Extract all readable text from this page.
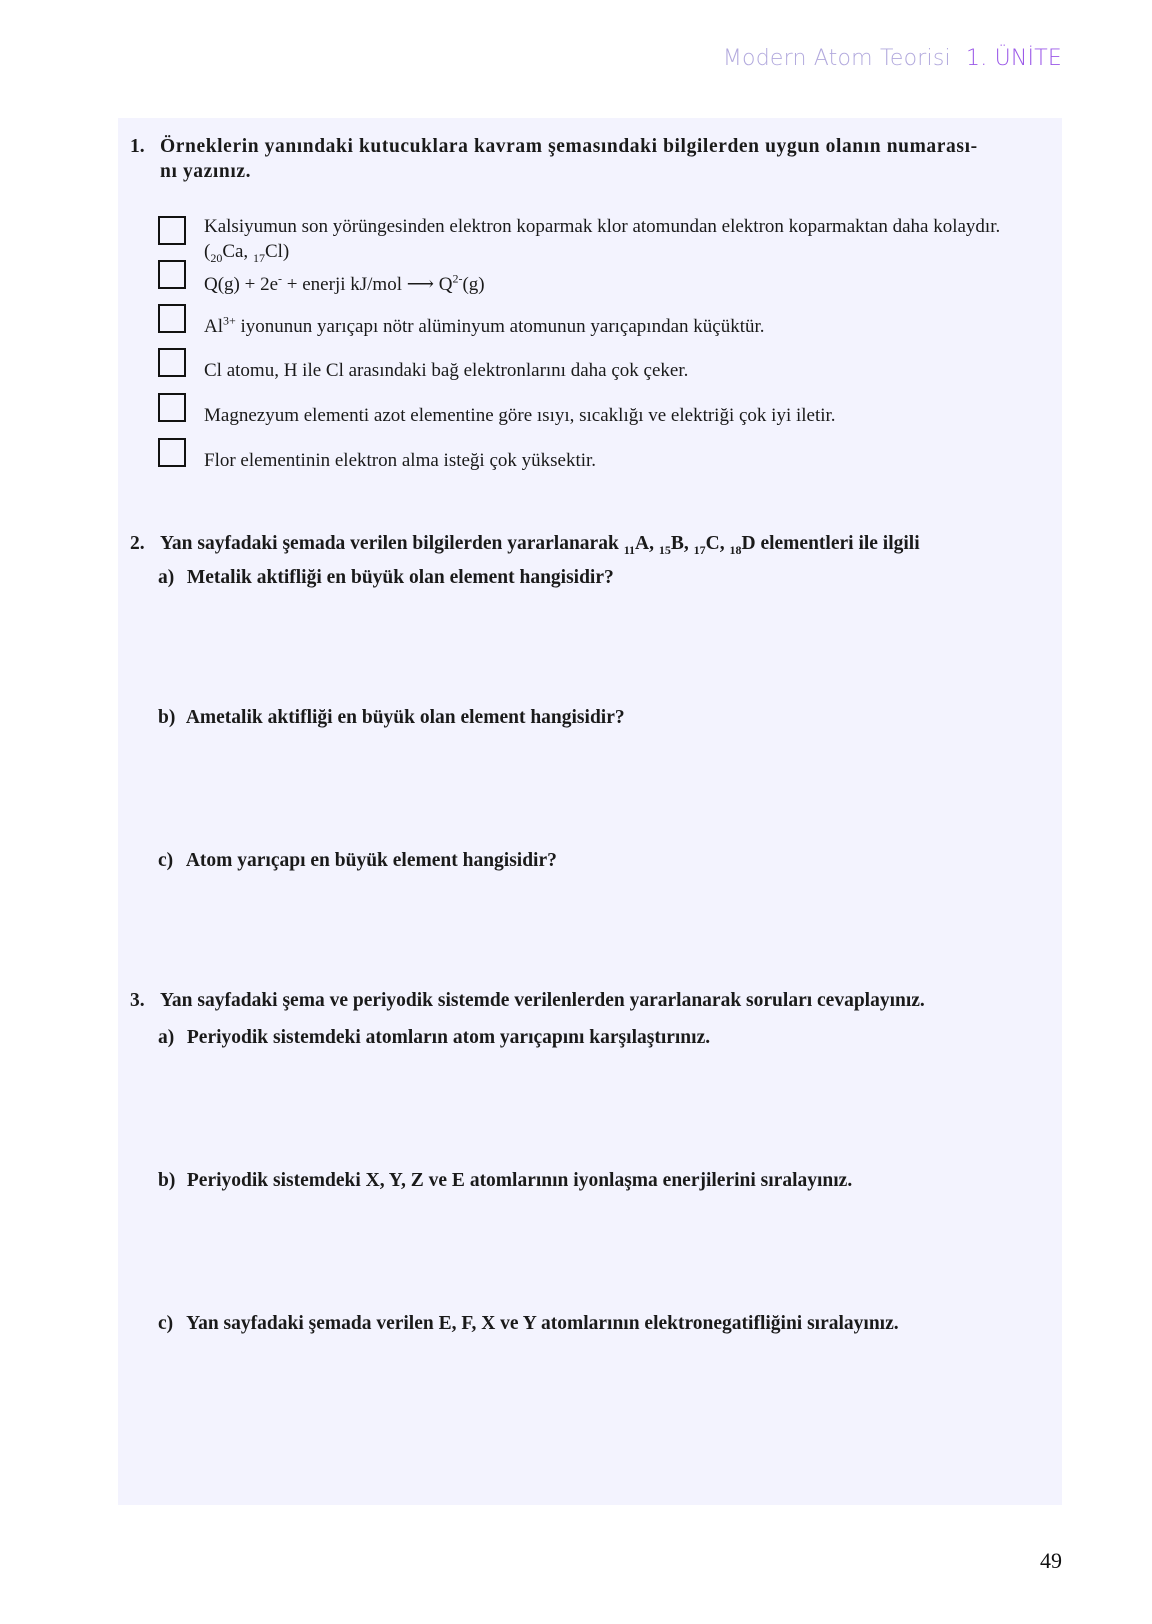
Modern Atom Teorisi 1. ÜNİTE
1. Örneklerin yanındaki kutucuklara kavram şemasındaki bilgilerden uygun olanın numarası-
nı yazınız.
Kalsiyumun son yörüngesinden elektron koparmak klor atomundan elektron koparmaktan daha kolaydır. ($_{20}Ca$, $_{17}$Cl)
Q(g) + 2e- + enerji kJ/mol ⟶ $Q^{2-}(g)$
$Al^{3+}$ iyonunun yarıçapı nötr alüminyum atomunun yarıçapından küçüktür.
Cl atomu, H ile Cl arasındaki bağ elektronlarını daha çok çeker.
Magnezyum elementi azot elementine göre ısıyı, sıcaklığı ve elektriği çok iyi iletir.
Flor elementinin elektron alma isteği çok yüksektir.
2. Yan sayfadaki şemada verilen bilgilerden yararlanarak $_{11}$A, $_{15}$B, $_{17}$C, $_{18}$D elementleri ile ilgili
a) Metalik aktifliği en büyük olan element hangisidir?
b) Ametalik aktifliği en büyük olan element hangisidir?
c) Atom yarıçapı en büyük element hangisidir?
3. Yan sayfadaki şema ve periyodik sistemde verilenlerden yararlanarak soruları cevaplayınız.
a) Periyodik sistemdeki atomların atom yarıçapını karşılaştırınız.
b) Periyodik sistemdeki X, Y, Z ve E atomlarının iyonlaşma enerjilerini sıralayınız.
c) Yan sayfadaki şemada verilen E, F, X ve Y atomlarının elektronegatifliğini sıralayınız.
49
